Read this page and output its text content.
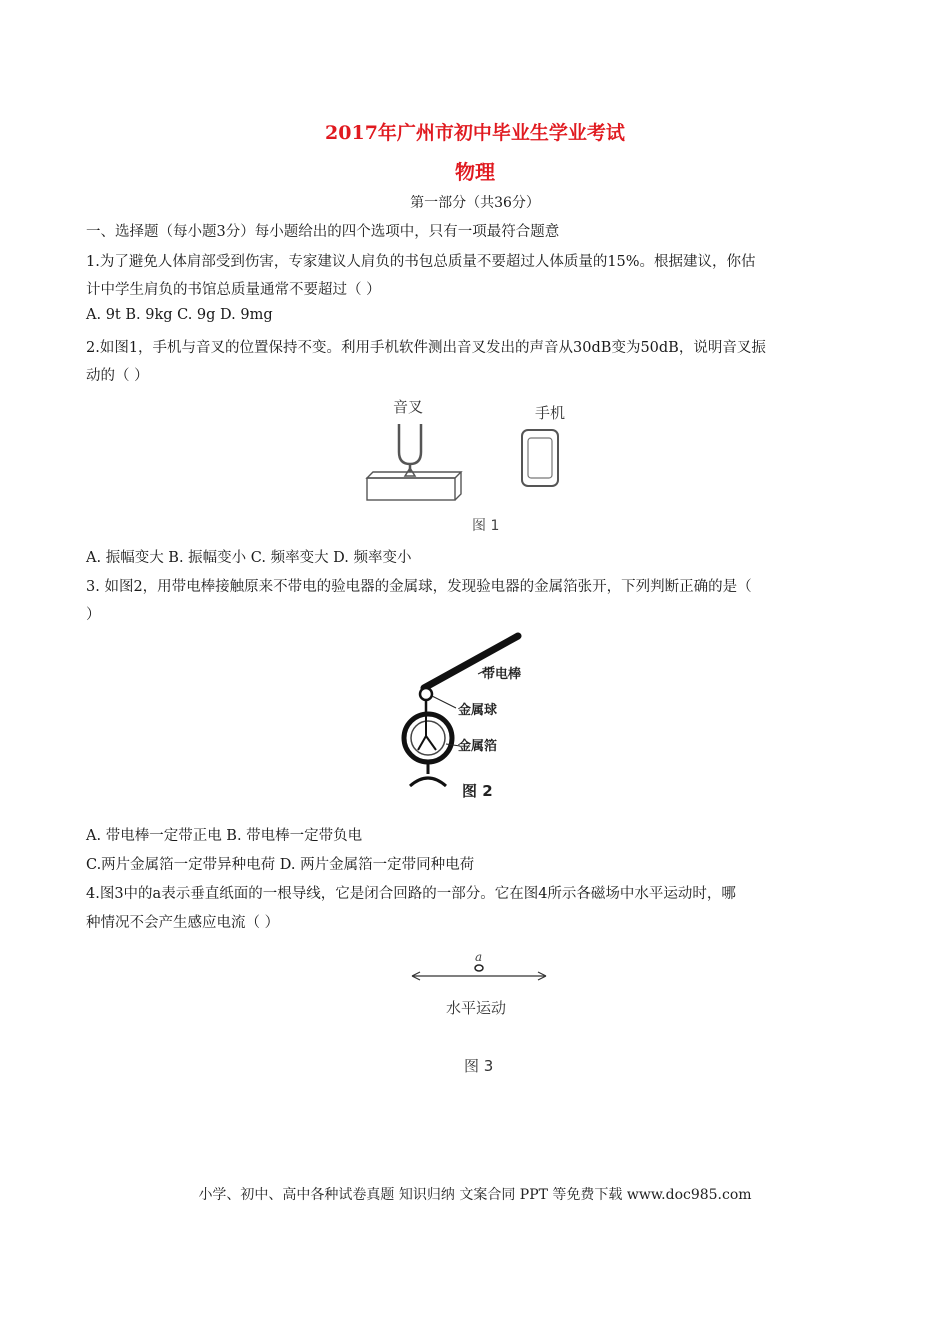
2017年广州市初中毕业生学业考试
物理
第一部分（共36分）
一、选择题（每小题3分）每小题给出的四个选项中，只有一项最符合题意
1.为了避免人体肩部受到伤害，专家建议人肩负的书包总质量不要超过人体质量的15%。根据建议，你估
计中学生肩负的书馆总质量通常不要超过（ ）
A. 9t B. 9kg C. 9g D. 9mg
2.如图1，手机与音叉的位置保持不变。利用手机软件测出音叉发出的声音从30dB变为50dB，说明音叉振
动的（ ）
音叉	手机
图 1
A. 振幅变大 B. 振幅变小 C. 频率变大 D. 频率变小
3. 如图2，用带电棒接触原来不带电的验电器的金属球，发现验电器的金属箔张开，下列判断正确的是（
）
带电棒
金属球
金属箔
图 2
A. 带电棒一定带正电 B. 带电棒一定带负电
C.两片金属箔一定带异种电荷 D. 两片金属箔一定带同种电荷
4.图3中的a表示垂直纸面的一根导线，它是闭合回路的一部分。它在图4所示各磁场中水平运动时，哪
种情况不会产生感应电流（ ）
a
水平运动
图 3
小学、初中、高中各种试卷真题 知识归纳 文案合同 PPT 等免费下载 www.doc985.com
